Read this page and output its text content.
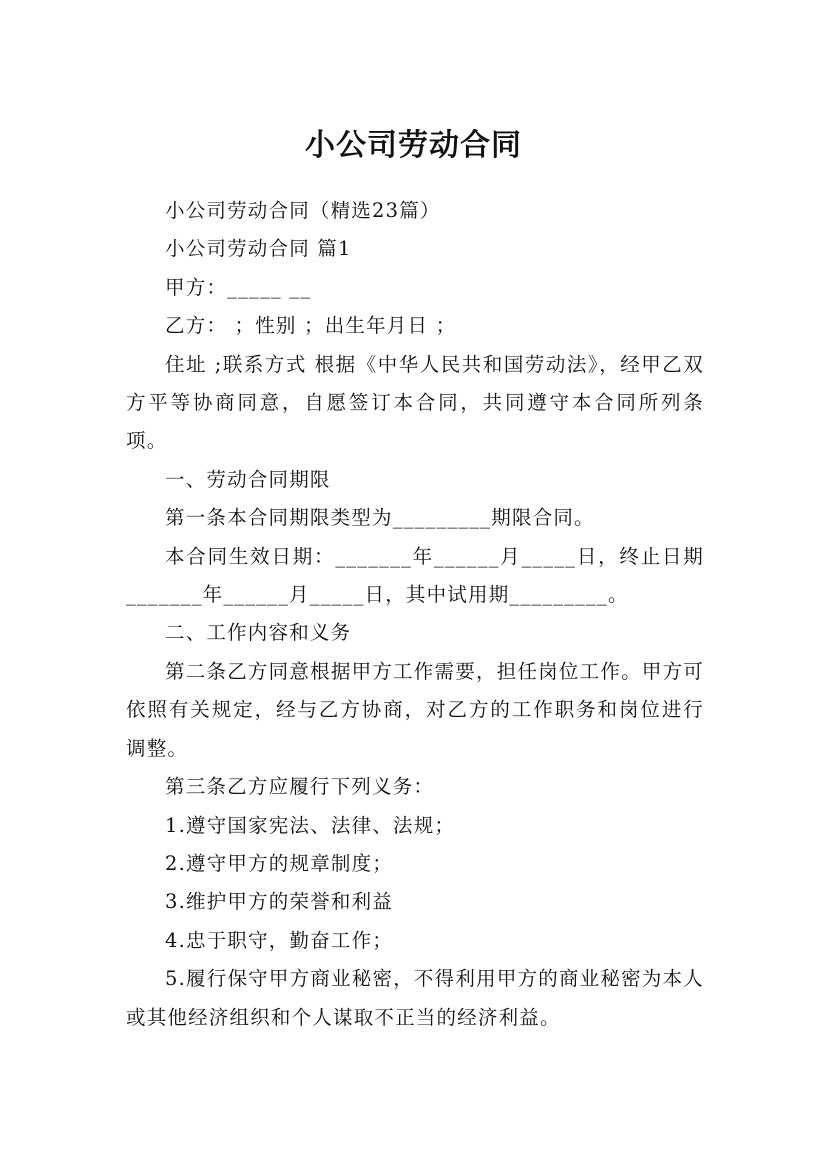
小公司劳动合同

小公司劳动合同（精选23篇）

小公司劳动合同 篇1

甲方：_____ __

乙方： ；性别 ；出生年月日 ；

住址 ;联系方式 根据《中华人民共和国劳动法》，经甲乙双方平等协商同意，自愿签订本合同，共同遵守本合同所列条项。

一、劳动合同期限

第一条本合同期限类型为_________期限合同。

本合同生效日期：_______年______月_____日，终止日期_______年______月_____日，其中试用期_________。

二、工作内容和义务

第二条乙方同意根据甲方工作需要，担任岗位工作。甲方可依照有关规定，经与乙方协商，对乙方的工作职务和岗位进行调整。

第三条乙方应履行下列义务：

1.遵守国家宪法、法律、法规；

2.遵守甲方的规章制度；

3.维护甲方的荣誉和利益

4.忠于职守，勤奋工作；

5.履行保守甲方商业秘密，不得利用甲方的商业秘密为本人或其他经济组织和个人谋取不正当的经济利益。
